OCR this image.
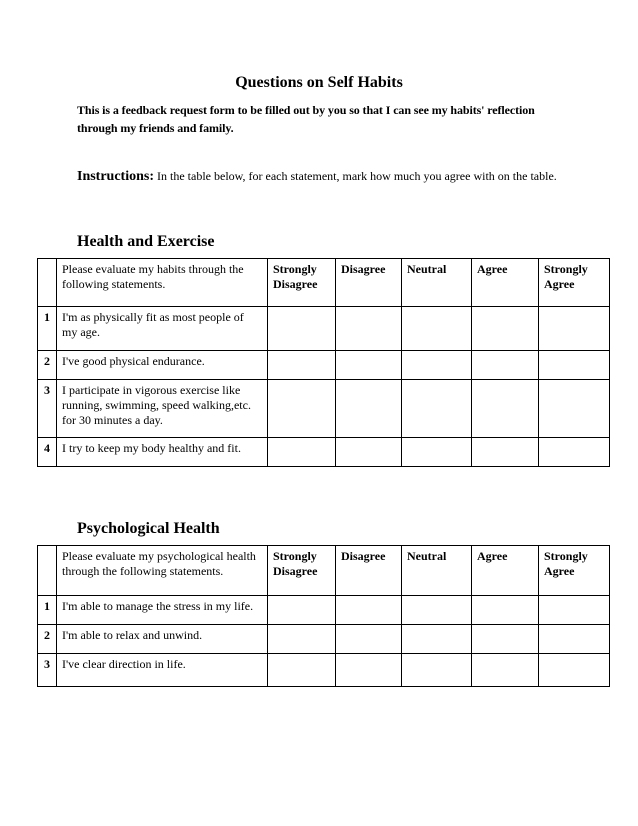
Questions on Self Habits
This is a feedback request form to be filled out by you so that I can see my habits' reflection through my friends and family.
Instructions: In the table below, for each statement, mark how much you agree with on the table.
Health and Exercise
	Please evaluate my habits through the following statements.	Strongly Disagree	Disagree	Neutral	Agree	Strongly Agree
1	I'm as physically fit as most people of my age.					
2	I've good physical endurance.					
3	I participate in vigorous exercise like running, swimming, speed walking,etc. for 30 minutes a day.					
4	I try to keep my body healthy and fit.					
Psychological Health
	Please evaluate my psychological health through the following statements.	Strongly Disagree	Disagree	Neutral	Agree	Strongly Agree
1	I'm able to manage the stress in my life.					
2	I'm able to relax and unwind.					
3	I've clear direction in life.					
